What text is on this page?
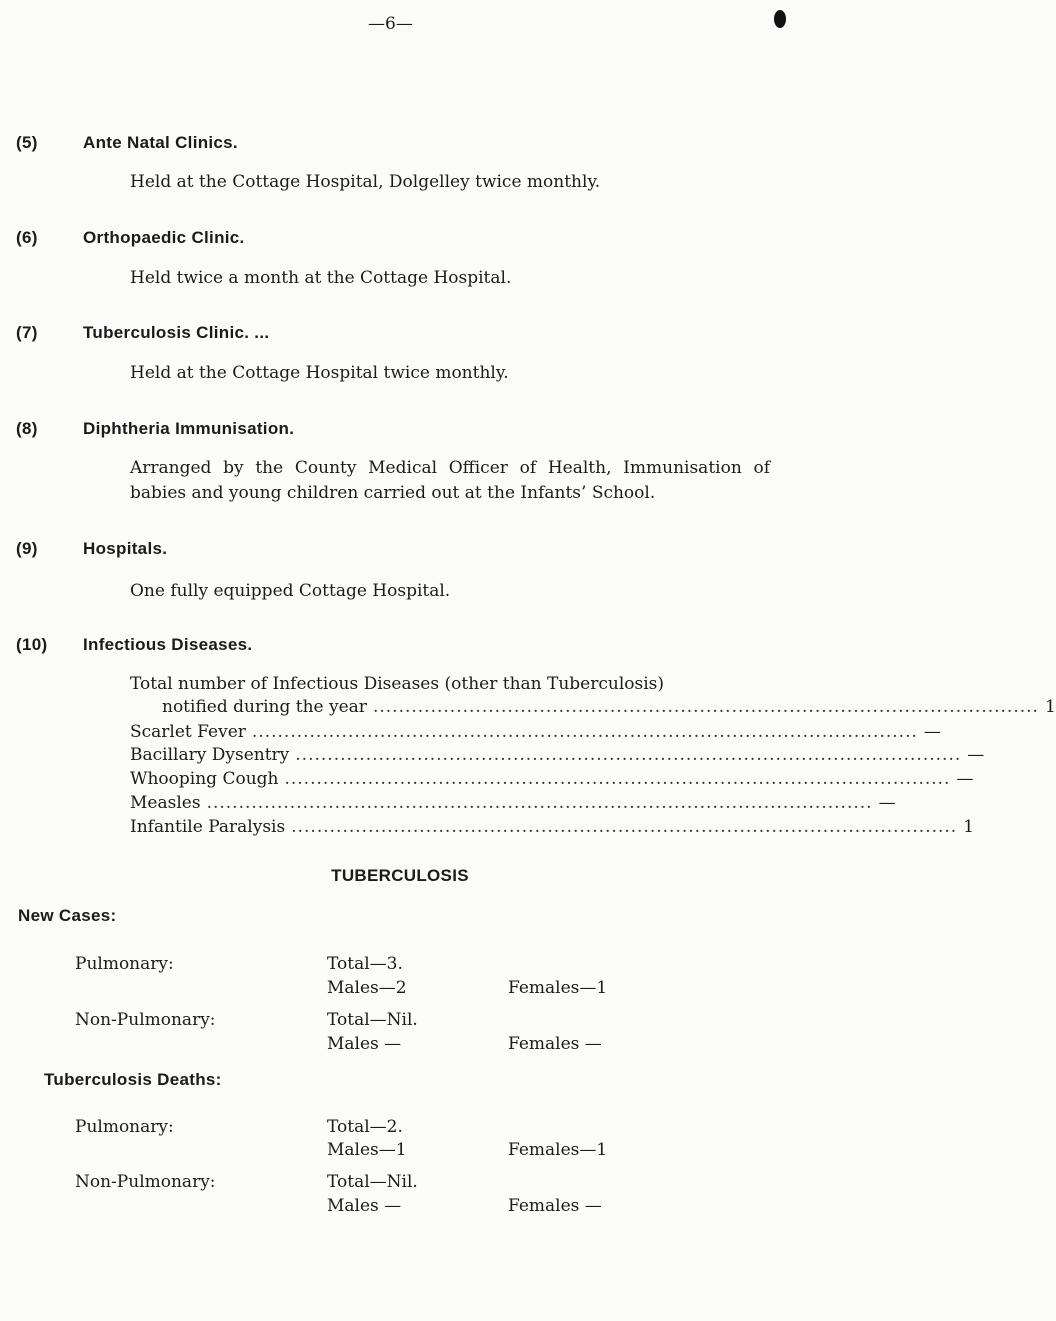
—6—
(5)	Ante Natal Clinics.
Held at the Cottage Hospital, Dolgelley twice monthly.
(6)	Orthopaedic Clinic.
Held twice a month at the Cottage Hospital.
(7)	Tuberculosis Clinic. ...
Held at the Cottage Hospital twice monthly.
(8)	Diphtheria Immunisation.
Arranged by the County Medical Officer of Health, Immunisation of babies and young children carried out at the Infants’ School.
(9)	Hospitals.
One fully equipped Cottage Hospital.
(10) Infectious Diseases.
Total number of Infectious Diseases (other than Tuberculosis)
notified during the year ........................................................................................................ 1
Scarlet Fever ........................................................................................................ —
Bacillary Dysentry ........................................................................................................ —
Whooping Cough ........................................................................................................ —
Measles ........................................................................................................ —
Infantile Paralysis ........................................................................................................ 1
TUBERCULOSIS
New Cases:
Pulmonary:	Total—3.
Males—2	Females—1
Non-Pulmonary:	Total—Nil.
Males —	Females —
Tuberculosis Deaths:
Pulmonary:	Total—2.
Males—1	Females—1
Non-Pulmonary:	Total—Nil.
Males —	Females —
